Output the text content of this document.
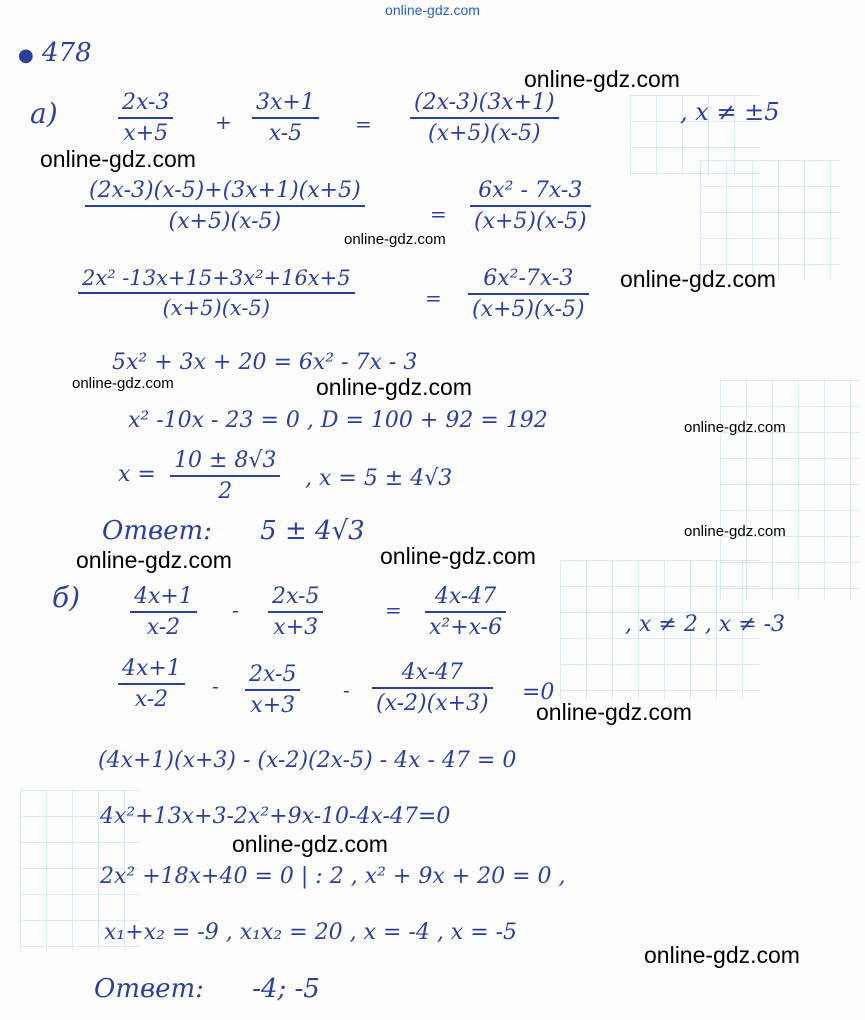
online-gdz.com
● 478
а)	$\frac{2x-3}{x+5} + \frac{3x+1}{x-5} = \frac{(2x-3)(3x+1)}{(x+5)(x-5)}$	, x ≠ ±5
$\frac{(2x-3)(x-5)+(3x+1)(x+5)}{(x+5)(x-5)}$	= $\frac{\text{6x² - 7x-3}}{(x+5)(x-5)}$
$\frac{\text{2x² -13x+15+3x²+16x+5}}{(x+5)(x-5)}$	= $\frac{\text{6x²-7x-3}}{(x+5)(x-5)}$
5x² + 3x + 20 = 6x² - 7x - 3
x² -10x - 23 = 0 , D = 100 + 92 = 192
$x = \frac{10 \pm 8√3}{2}$ , x = 5 ± 4√3
Ответ: 5 ± 4√3
$б) \frac{4x+1}{x-2} - \frac{2x-5}{x+3}$	= $\frac{4x-47}{\text{x²+x-6}}$	, x ≠ 2 , x ≠ -3
$\frac{4x+1}{x-2} - \frac{2x-5}{x+3} - \frac{4x-47}{(x-2)(x+3)} =0$
(4x+1)(x+3) - (x-2)(2x-5) - 4x - 47 = 0
4x²+13x+3-2x²+9x-10-4x-47=0
2x² +18x+40 = 0 | : 2 , x² + 9x + 20 = 0 ,
x₁+x₂ = -9 , x₁x₂ = 20 , x = -4 , x = -5
Ответ: -4; -5
online-gdz.com
online-gdz.com
online-gdz.com
online-gdz.com
online-gdz.com	online-gdz.com
online-gdz.com
online-gdz.com
online-gdz.com	online-gdz.com
online-gdz.com
online-gdz.com
online-gdz.com
